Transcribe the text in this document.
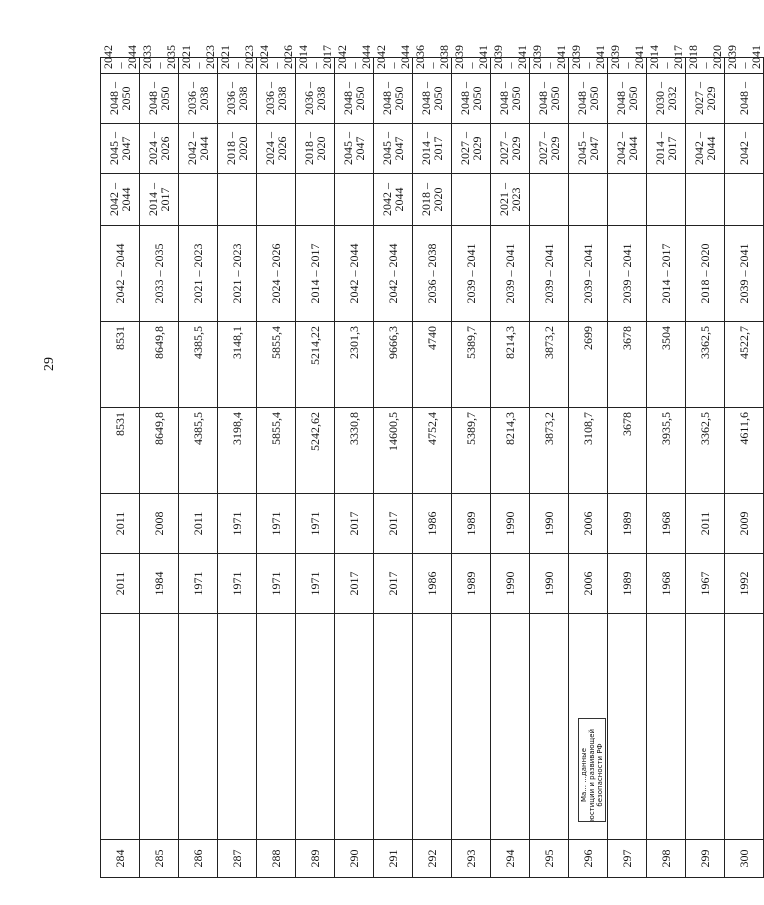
29
284		2011	2011	8531	8531	2042 – 2044	2042 – 2044	2045 – 2047	2048 – 2050	2042 – 2044
285		1984	2008	8649,8	8649,8	2033 – 2035	2014 – 2017	2024 – 2026	2048 – 2050	2033 – 2035
286		1971	2011	4385,5	4385,5	2021 – 2023		2042 – 2044	2036 – 2038	2021 – 2023
287		1971	1971	3198,4	3148,1	2021 – 2023		2018 – 2020	2036 – 2038	2021 – 2023
288		1971	1971	5855,4	5855,4	2024 – 2026		2024 – 2026	2036 – 2038	2024 – 2026
289		1971	1971	5242,62	5214,22	2014 – 2017		2018 – 2020	2036 – 2038	2014 – 2017
290		2017	2017	3330,8	2301,3	2042 – 2044		2045 – 2047	2048 – 2050	2042 – 2044
291		2017	2017	14600,5	9666,3	2042 – 2044	2042 – 2044	2045 – 2047	2048 – 2050	2042 – 2044
292		1986	1986	4752,4	4740	2036 – 2038	2018 – 2020	2014 – 2017	2048 – 2050	2036 – 2038
293		1989	1989	5389,7	5389,7	2039 – 2041		2027 – 2029	2048 – 2050	2039 – 2041
294		1990	1990	8214,3	8214,3	2039 – 2041	2021 – 2023	2027 – 2029	2048 – 2050	2039 – 2041
295		1990	1990	3873,2	3873,2	2039 – 2041		2027 – 2029	2048 – 2050	2039 – 2041
296		2006	2006	3108,7	2699	2039 – 2041		2045 – 2047	2048 – 2050	2039 – 2041
297		1989	1989	3678	3678	2039 – 2041		2042 – 2044	2048 – 2050	2039 – 2041
298		1968	1968	3935,5	3504	2014 – 2017		2014 – 2017	2030 – 2032	2014 – 2017
299		1967	2011	3362,5	3362,5	2018 – 2020		2042 – 2044	2027 – 2029	2018 – 2020
300		1992	2009	4611,6	4522,7	2039 – 2041		2042 –	2048 –	2039 – 2041
Ма... ...данные юстиции и развивающей безопасности РФ
